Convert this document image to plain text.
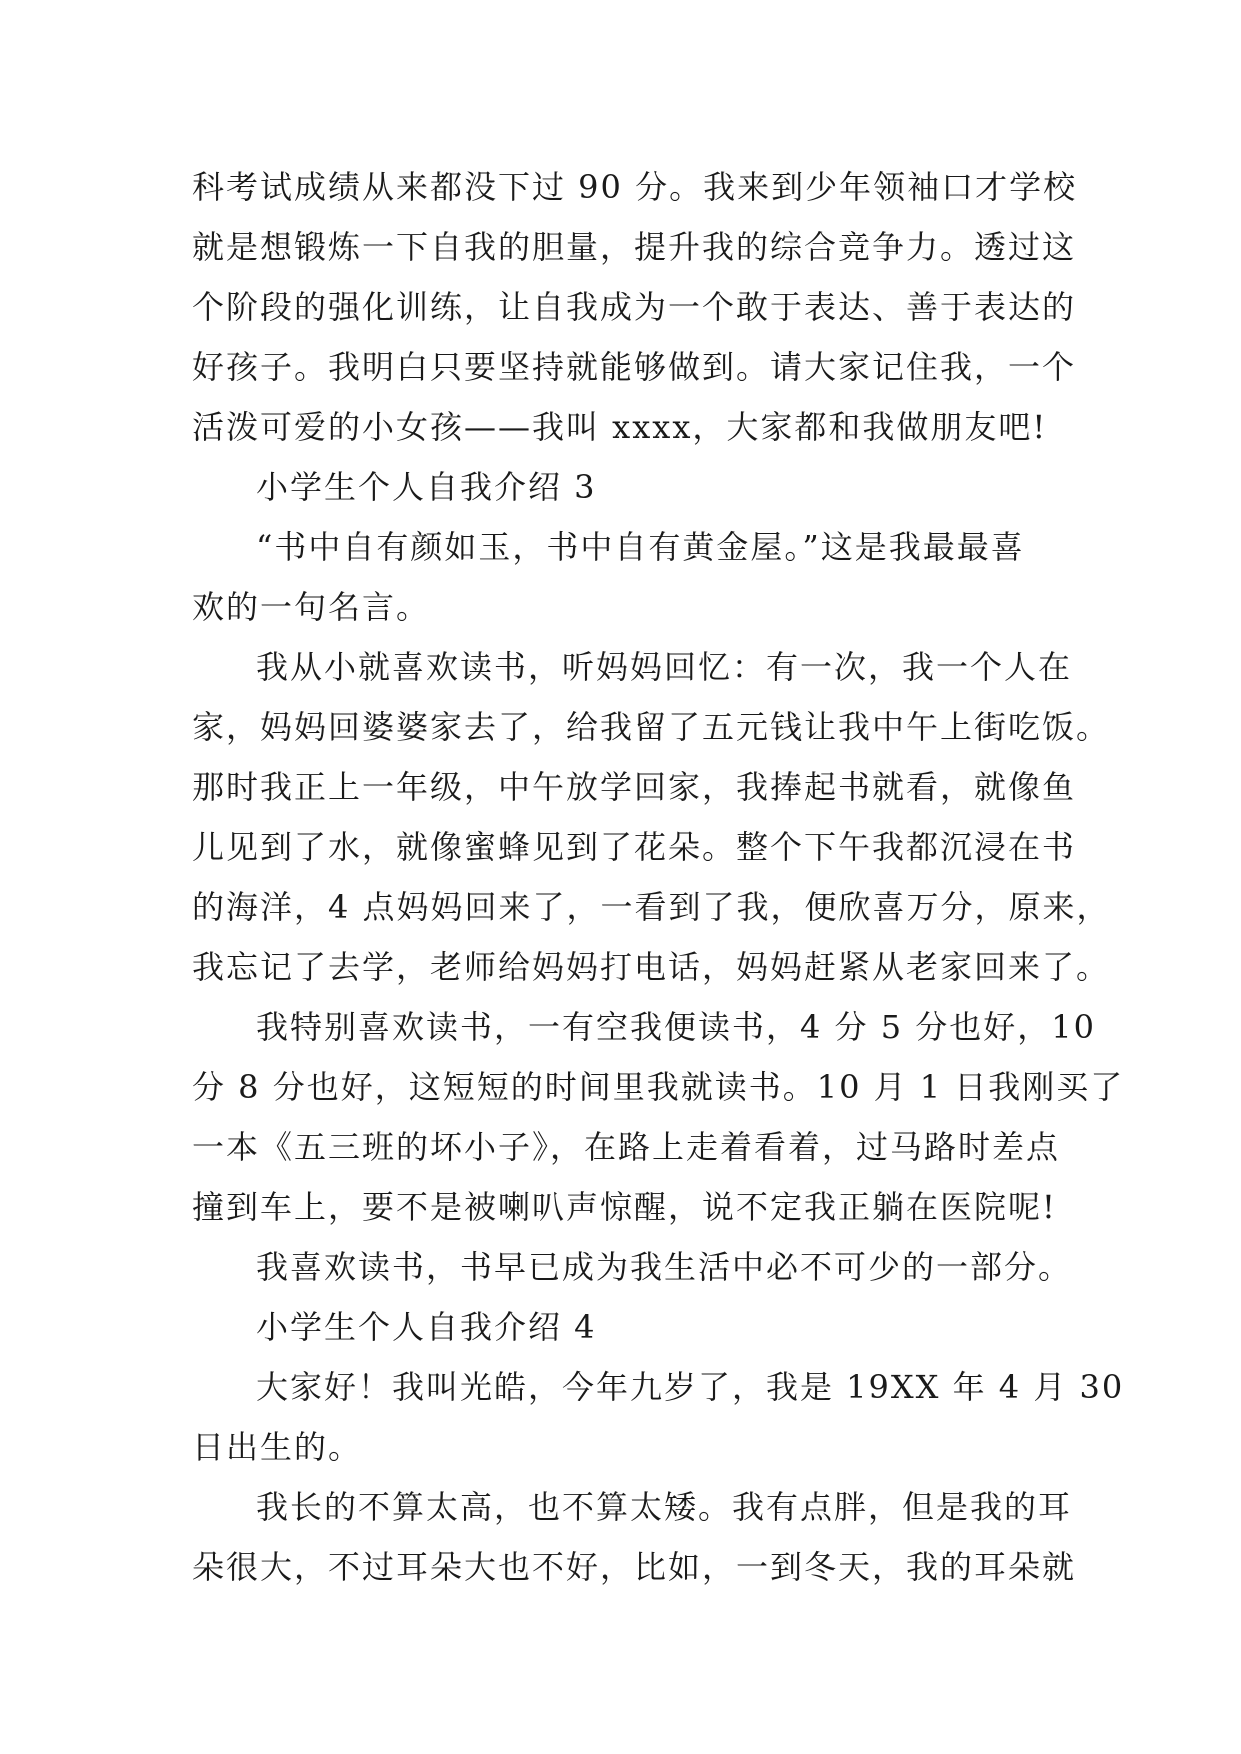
科考试成绩从来都没下过 90 分。我来到少年领袖口才学校
就是想锻炼一下自我的胆量，提升我的综合竞争力。透过这
个阶段的强化训练，让自我成为一个敢于表达、善于表达的
好孩子。我明白只要坚持就能够做到。请大家记住我，一个
活泼可爱的小女孩——我叫 xxxx，大家都和我做朋友吧!
小学生个人自我介绍 3
“书中自有颜如玉，书中自有黄金屋。”这是我最最喜
欢的一句名言。
我从小就喜欢读书，听妈妈回忆：有一次，我一个人在
家，妈妈回婆婆家去了，给我留了五元钱让我中午上街吃饭。
那时我正上一年级，中午放学回家，我捧起书就看，就像鱼
儿见到了水，就像蜜蜂见到了花朵。整个下午我都沉浸在书
的海洋，4 点妈妈回来了，一看到了我，便欣喜万分，原来，
我忘记了去学，老师给妈妈打电话，妈妈赶紧从老家回来了。
我特别喜欢读书，一有空我便读书，4 分 5 分也好，10
分 8 分也好，这短短的时间里我就读书。10 月 1 日我刚买了
一本《五三班的坏小子》，在路上走着看着，过马路时差点
撞到车上，要不是被喇叭声惊醒，说不定我正躺在医院呢!
我喜欢读书，书早已成为我生活中必不可少的一部分。
小学生个人自我介绍 4
大家好！我叫光皓，今年九岁了，我是 19XX 年 4 月 30
日出生的。
我长的不算太高，也不算太矮。我有点胖，但是我的耳
朵很大，不过耳朵大也不好，比如，一到冬天，我的耳朵就
